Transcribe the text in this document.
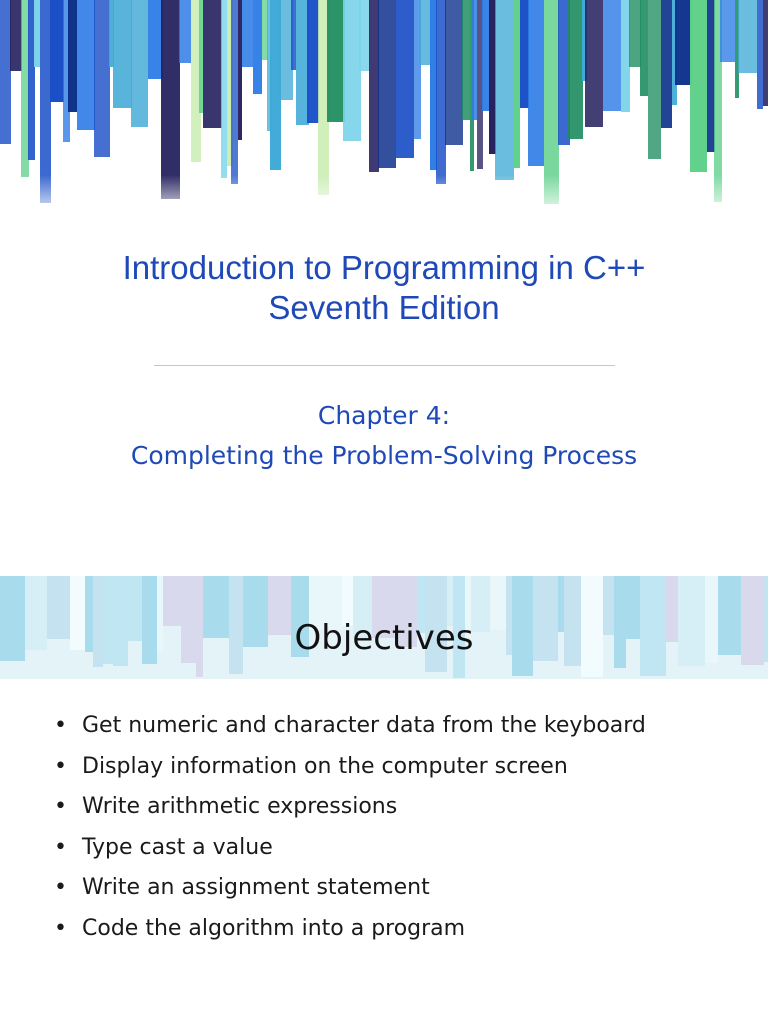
Introduction to Programming in C++
Seventh Edition
Chapter 4:
Completing the Problem-Solving Process
Objectives
• Get numeric and character data from the keyboard
• Display information on the computer screen
• Write arithmetic expressions
• Type cast a value
• Write an assignment statement
• Code the algorithm into a program
